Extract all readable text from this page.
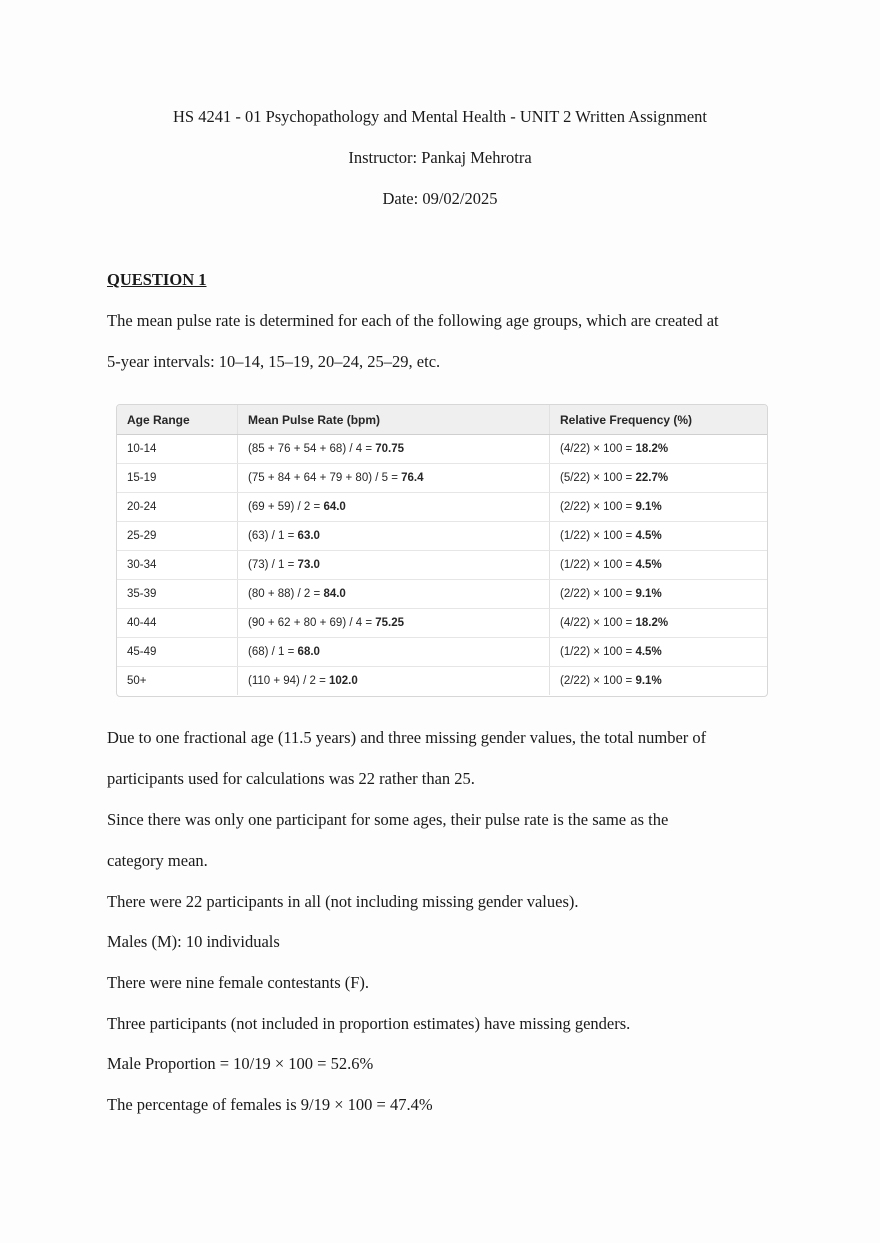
HS 4241 - 01 Psychopathology and Mental Health - UNIT 2 Written Assignment
Instructor: Pankaj Mehrotra
Date: 09/02/2025
QUESTION 1
The mean pulse rate is determined for each of the following age groups, which are created at
5-year intervals: 10–14, 15–19, 20–24, 25–29, etc.
Age Range	Mean Pulse Rate (bpm)	Relative Frequency (%)
10-14	(85 + 76 + 54 + 68) / 4 = 70.75	(4/22) × 100 = 18.2%
15-19	(75 + 84 + 64 + 79 + 80) / 5 = 76.4	(5/22) × 100 = 22.7%
20-24	(69 + 59) / 2 = 64.0	(2/22) × 100 = 9.1%
25-29	(63) / 1 = 63.0	(1/22) × 100 = 4.5%
30-34	(73) / 1 = 73.0	(1/22) × 100 = 4.5%
35-39	(80 + 88) / 2 = 84.0	(2/22) × 100 = 9.1%
40-44	(90 + 62 + 80 + 69) / 4 = 75.25	(4/22) × 100 = 18.2%
45-49	(68) / 1 = 68.0	(1/22) × 100 = 4.5%
50+	(110 + 94) / 2 = 102.0	(2/22) × 100 = 9.1%
Due to one fractional age (11.5 years) and three missing gender values, the total number of
participants used for calculations was 22 rather than 25.
Since there was only one participant for some ages, their pulse rate is the same as the
category mean.
There were 22 participants in all (not including missing gender values).
Males (M): 10 individuals
There were nine female contestants (F).
Three participants (not included in proportion estimates) have missing genders.
Male Proportion = 10/19 × 100 = 52.6%
The percentage of females is 9/19 × 100 = 47.4%
